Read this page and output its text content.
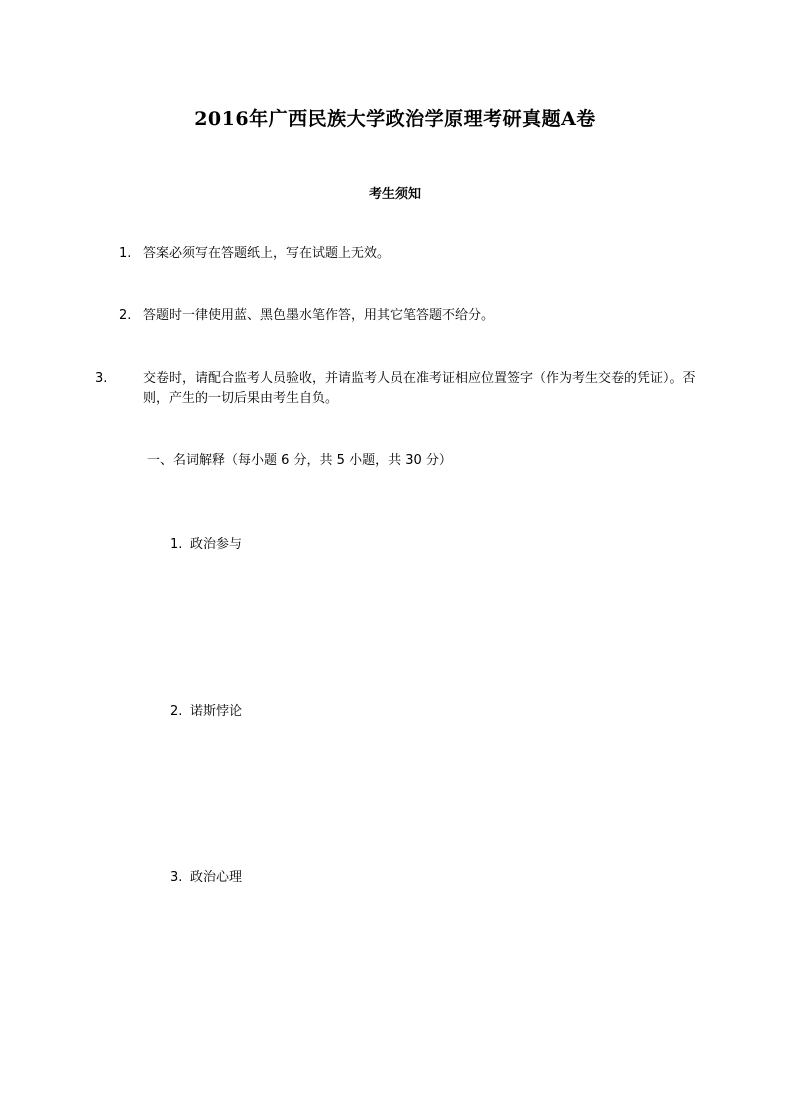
2016年广西民族大学政治学原理考研真题A卷
考生须知
1. 答案必须写在答题纸上，写在试题上无效。
2. 答题时一律使用蓝、黑色墨水笔作答，用其它笔答题不给分。
3.	交卷时，请配合监考人员验收，并请监考人员在准考证相应位置签字（作为考生交卷的凭证）。否则，产生的一切后果由考生自负。
一、名词解释（每小题 6 分，共 5 小题，共 30 分）
1. 政治参与
2. 诺斯悖论
3. 政治心理
